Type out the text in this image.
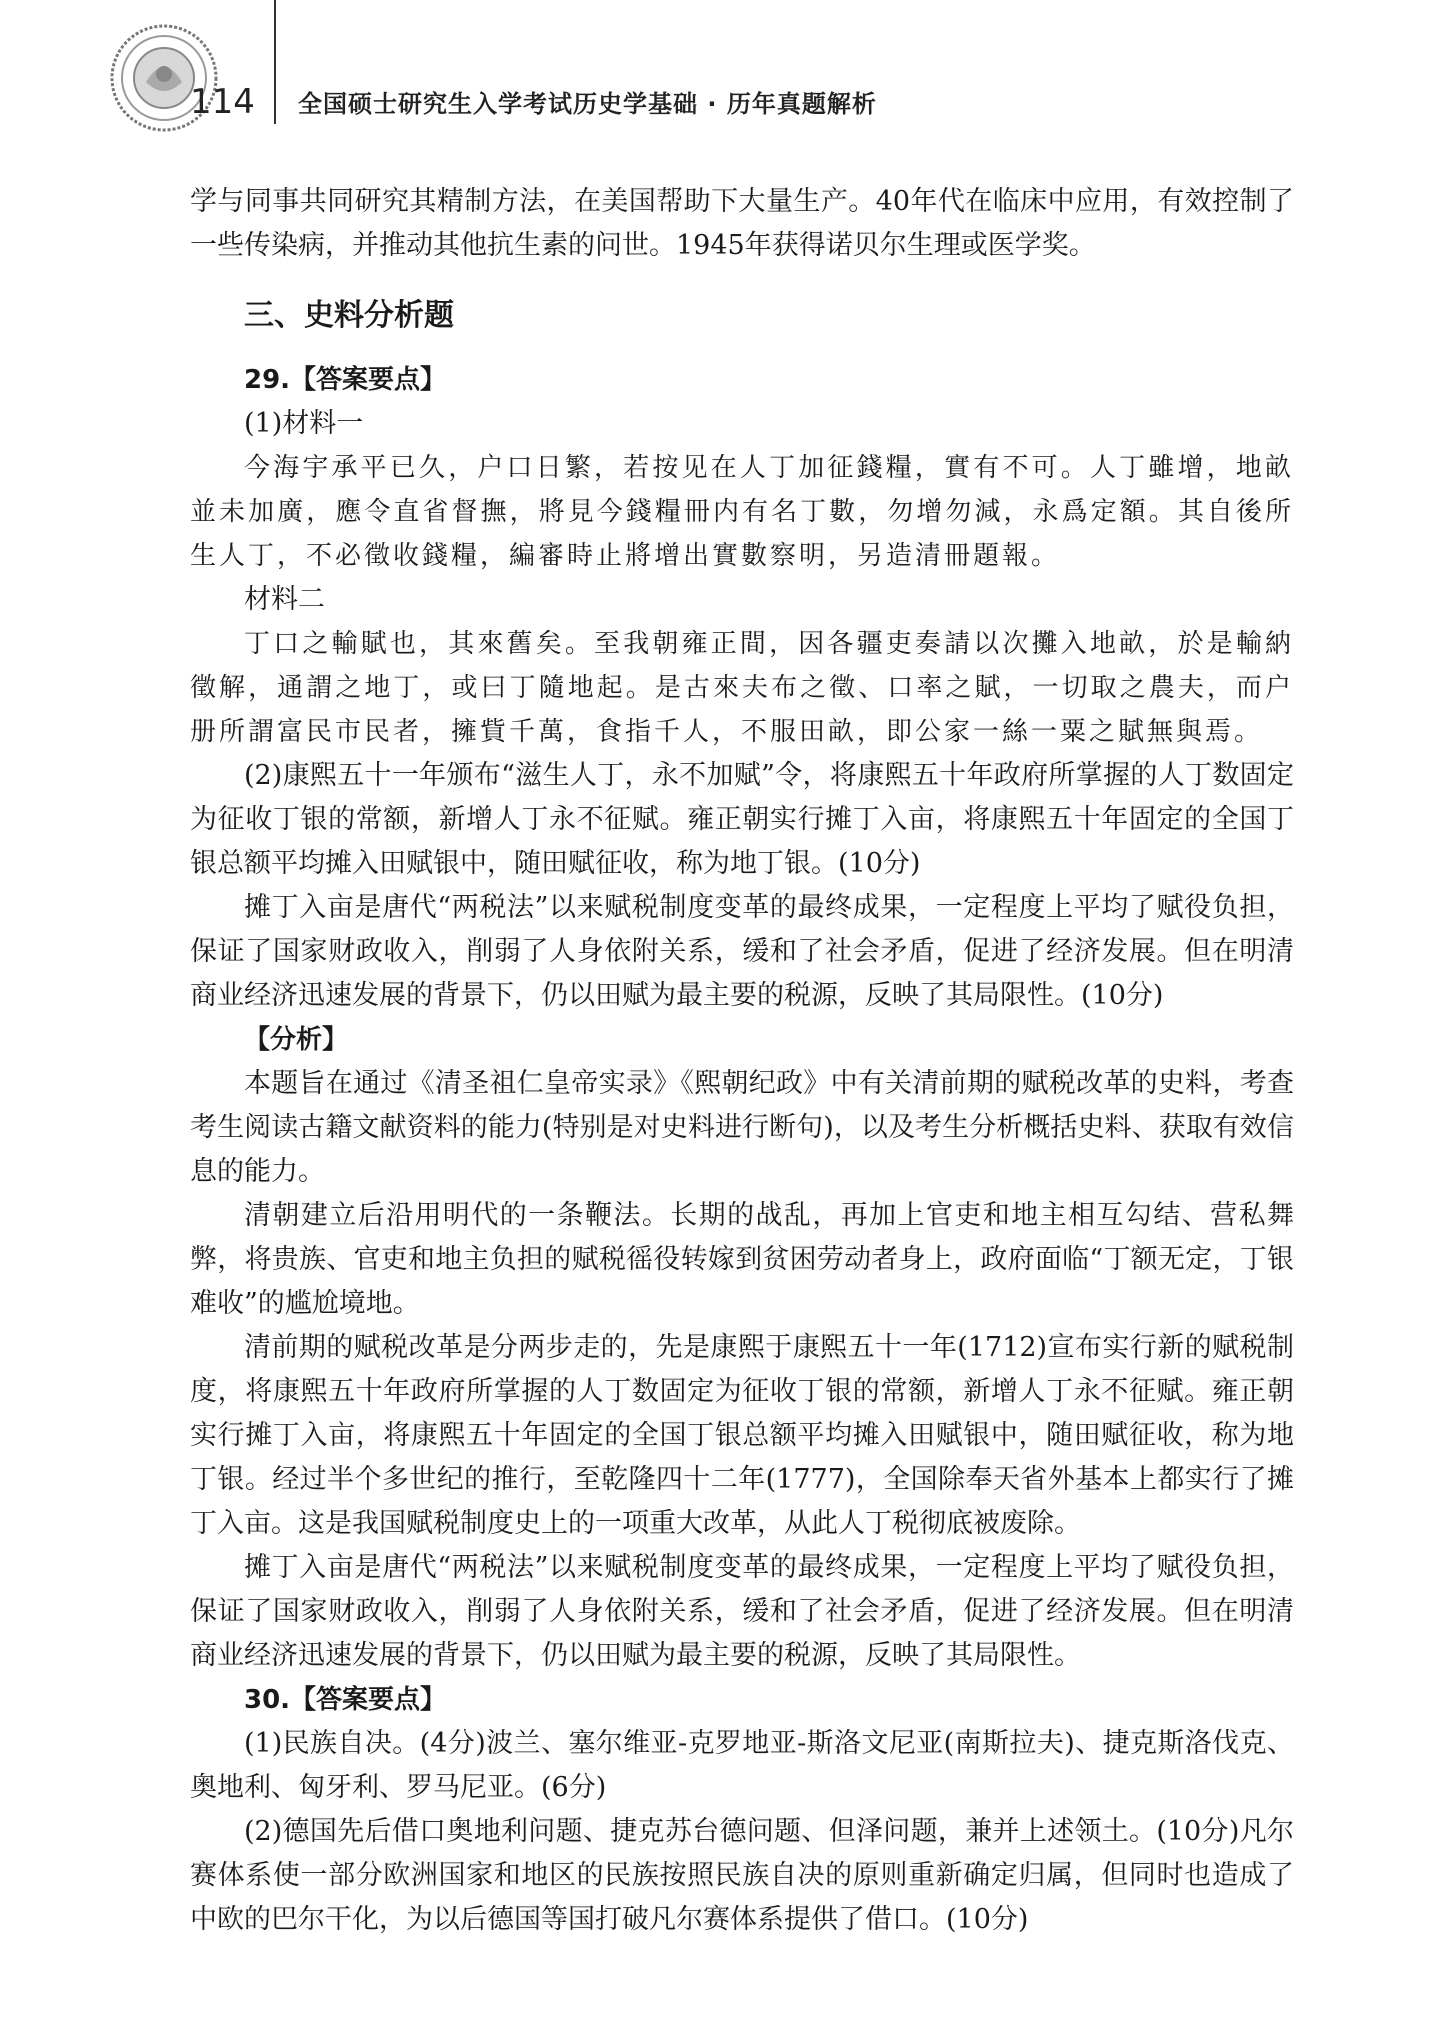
114 全国硕士研究生入学考试历史学基础 · 历年真题解析

学与同事共同研究其精制方法，在美国帮助下大量生产。40年代在临床中应用，有效控制了一些传染病，并推动其他抗生素的问世。1945年获得诺贝尔生理或医学奖。

三、史料分析题
29.【答案要点】

(1)材料一

今海宇承平已久，户口日繁，若按见在人丁加征錢糧，實有不可。人丁雖增，地畝並未加廣，應令直省督撫，將見今錢糧冊内有名丁數，勿增勿減，永爲定額。其自後所生人丁，不必徵收錢糧，編審時止將增出實數察明，另造清冊題報。

材料二

丁口之輸賦也，其來舊矣。至我朝雍正間，因各疆吏奏請以次攤入地畝，於是輸納徵解，通謂之地丁，或曰丁隨地起。是古來夫布之徵、口率之賦，一切取之農夫，而户册所謂富民市民者，擁貲千萬，食指千人，不服田畝，即公家一絲一粟之賦無與焉。

(2)康熙五十一年颁布“滋生人丁，永不加赋”令，将康熙五十年政府所掌握的人丁数固定为征收丁银的常额，新增人丁永不征赋。雍正朝实行摊丁入亩，将康熙五十年固定的全国丁银总额平均摊入田赋银中，随田赋征收，称为地丁银。(10分)

摊丁入亩是唐代“两税法”以来赋税制度变革的最终成果，一定程度上平均了赋役负担，保证了国家财政收入，削弱了人身依附关系，缓和了社会矛盾，促进了经济发展。但在明清商业经济迅速发展的背景下，仍以田赋为最主要的税源，反映了其局限性。(10分)

【分析】

本题旨在通过《清圣祖仁皇帝实录》《熙朝纪政》中有关清前期的赋税改革的史料，考查考生阅读古籍文献资料的能力(特别是对史料进行断句)，以及考生分析概括史料、获取有效信息的能力。

清朝建立后沿用明代的一条鞭法。长期的战乱，再加上官吏和地主相互勾结、营私舞弊，将贵族、官吏和地主负担的赋税徭役转嫁到贫困劳动者身上，政府面临“丁额无定，丁银难收”的尴尬境地。

清前期的赋税改革是分两步走的，先是康熙于康熙五十一年(1712)宣布实行新的赋税制度，将康熙五十年政府所掌握的人丁数固定为征收丁银的常额，新增人丁永不征赋。雍正朝实行摊丁入亩，将康熙五十年固定的全国丁银总额平均摊入田赋银中，随田赋征收，称为地丁银。经过半个多世纪的推行，至乾隆四十二年(1777)，全国除奉天省外基本上都实行了摊丁入亩。这是我国赋税制度史上的一项重大改革，从此人丁税彻底被废除。

摊丁入亩是唐代“两税法”以来赋税制度变革的最终成果，一定程度上平均了赋役负担，保证了国家财政收入，削弱了人身依附关系，缓和了社会矛盾，促进了经济发展。但在明清商业经济迅速发展的背景下，仍以田赋为最主要的税源，反映了其局限性。

30.【答案要点】

(1)民族自决。(4分)波兰、塞尔维亚-克罗地亚-斯洛文尼亚(南斯拉夫)、捷克斯洛伐克、奥地利、匈牙利、罗马尼亚。(6分)

(2)德国先后借口奥地利问题、捷克苏台德问题、但泽问题，兼并上述领土。(10分)凡尔赛体系使一部分欧洲国家和地区的民族按照民族自决的原则重新确定归属，但同时也造成了中欧的巴尔干化，为以后德国等国打破凡尔赛体系提供了借口。(10分)
